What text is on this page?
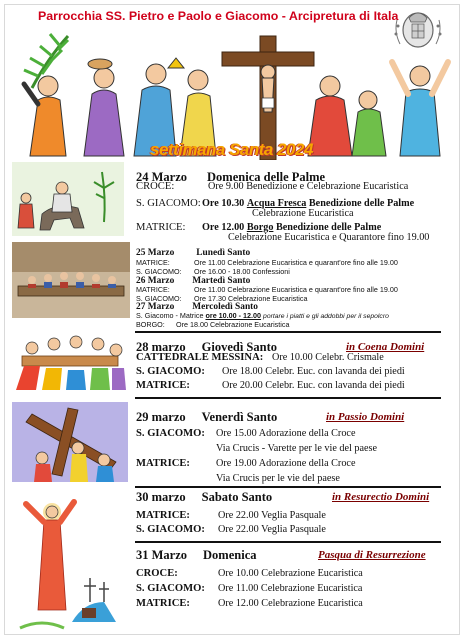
Parrocchia SS. Pietro e Paolo e Giacomo - Arcipretura di Itala
settimana Santa 2024
24 Marzo Domenica delle Palme
CROCE:	Ore 9.00 Benedizione e Celebrazione Eucaristica
S. GIACOMO:Ore 10.30 Acqua Fresca Benedizione delle Palme
Celebrazione Eucaristica
MATRICE: Ore 12.00 Borgo Benedizione delle Palme
Celebrazione Eucaristica e Quarantore fino 19.00
25 Marzo Lunedì Santo
MATRICE:	Ore 11.00 Celebrazione Eucaristica e quarant'ore fino alle 19.00
S. GIACOMO: Ore 16.00 - 18.00 Confessioni
26 Marzo Martedì Santo
MATRICE:	Ore 11.00 Celebrazione Eucaristica e quarant'ore fino alle 19.00
S. GIACOMO: Ore 17.30 Celebrazione Eucaristica
27 Marzo Mercoledì Santo
S. Giacomo - Matrice ore 10.00 - 12.00 portare i piatti e gli addobbi per il sepolcro
BORGO: Ore 18.00 Celebrazione Eucaristica
28 marzo Giovedì Santo	in Coena Domini
CATTEDRALE MESSINA: Ore 10.00 Celebr. Crismale
S. GIACOMO: Ore 18.00 Celebr. Euc. con lavanda dei piedi
MATRICE:	Ore 20.00 Celebr. Euc. con lavanda dei piedi
29 marzo Venerdì Santo	in Passio Domini
S. GIACOMO: Ore 15.00 Adorazione della Croce
Via Crucis - Varette per le vie del paese
MATRICE:	Ore 19.00 Adorazione della Croce
Via Crucis per le vie del paese
30 marzo Sabato Santo	in Resurectio Domini
MATRICE:	Ore 22.00 Veglia Pasquale
S. GIACOMO: Ore 22.00 Veglia Pasquale
31 Marzo Domenica	Pasqua di Resurrezione
CROCE:	Ore 10.00 Celebrazione Eucaristica
S. GIACOMO: Ore 11.00 Celebrazione Eucaristica
MATRICE:	Ore 12.00 Celebrazione Eucaristica
